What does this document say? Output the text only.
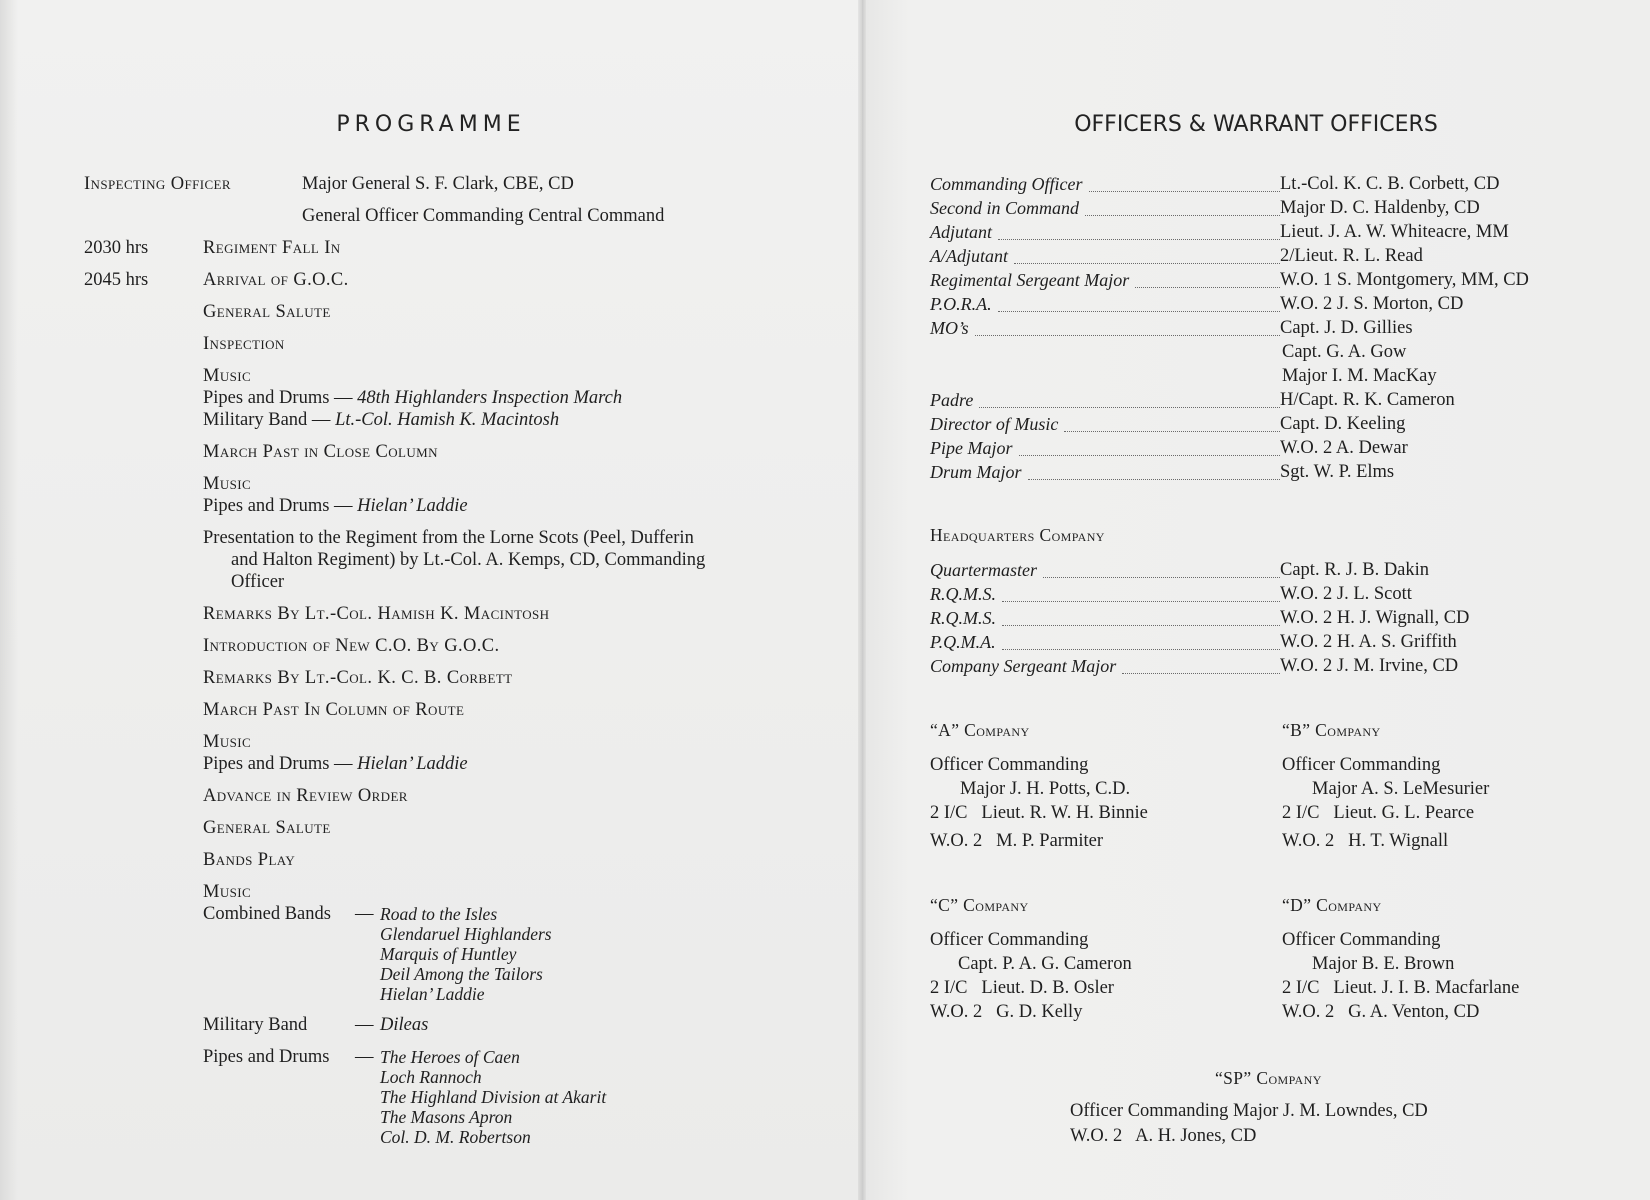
PROGRAMME
Inspecting Officer	Major General S. F. Clark, CBE, CD
General Officer Commanding Central Command
2030 hrs	Regiment Fall In
2045 hrs	Arrival of G.O.C.
General Salute
Inspection
Music
Pipes and Drums — 48th Highlanders Inspection March
Military Band — Lt.-Col. Hamish K. Macintosh
March Past in Close Column
Music
Pipes and Drums — Hielan’ Laddie
Presentation to the Regiment from the Lorne Scots (Peel, Dufferin
and Halton Regiment) by Lt.-Col. A. Kemps, CD, Commanding
Officer
Remarks By Lt.-Col. Hamish K. Macintosh
Introduction of New C.O. By G.O.C.
Remarks By Lt.-Col. K. C. B. Corbett
March Past In Column of Route
Music
Pipes and Drums — Hielan’ Laddie
Advance in Review Order
General Salute
Bands Play
Music
Combined Bands — Road to the Isles
Glendaruel Highlanders
Marquis of Huntley
Deil Among the Tailors
Hielan’ Laddie
Military Band	— Dileas
Pipes and Drums — The Heroes of Caen
Loch Rannoch
The Highland Division at Akarit
The Masons Apron
Col. D. M. Robertson
OFFICERS & WARRANT OFFICERS
Commanding Officer	Lt.-Col. K. C. B. Corbett, CD
Second in Command	Major D. C. Haldenby, CD
Adjutant	Lieut. J. A. W. Whiteacre, MM
A/Adjutant	2/Lieut. R. L. Read
Regimental Sergeant Major	W.O. 1 S. Montgomery, MM, CD
P.O.R.A.	W.O. 2 J. S. Morton, CD
MO’s	Capt. J. D. Gillies
Capt. G. A. Gow
Major I. M. MacKay
Padre	H/Capt. R. K. Cameron
Director of Music	Capt. D. Keeling
Pipe Major	W.O. 2 A. Dewar
Drum Major	Sgt. W. P. Elms
Headquarters Company
Quartermaster	Capt. R. J. B. Dakin
R.Q.M.S.	W.O. 2 J. L. Scott
R.Q.M.S.	W.O. 2 H. J. Wignall, CD
P.Q.M.A.	W.O. 2 H. A. S. Griffith
Company Sergeant Major	W.O. 2 J. M. Irvine, CD
“A” Company
Officer Commanding
Major J. H. Potts, C.D.
2 I/C   Lieut. R. W. H. Binnie
W.O. 2   M. P. Parmiter
“B” Company
Officer Commanding
Major A. S. LeMesurier
2 I/C   Lieut. G. L. Pearce
W.O. 2   H. T. Wignall
“C” Company
Officer Commanding
Capt. P. A. G. Cameron
2 I/C   Lieut. D. B. Osler
W.O. 2   G. D. Kelly
“D” Company
Officer Commanding
Major B. E. Brown
2 I/C   Lieut. J. I. B. Macfarlane
W.O. 2   G. A. Venton, CD
“SP” Company
Officer Commanding Major J. M. Lowndes, CD
W.O. 2   A. H. Jones, CD
